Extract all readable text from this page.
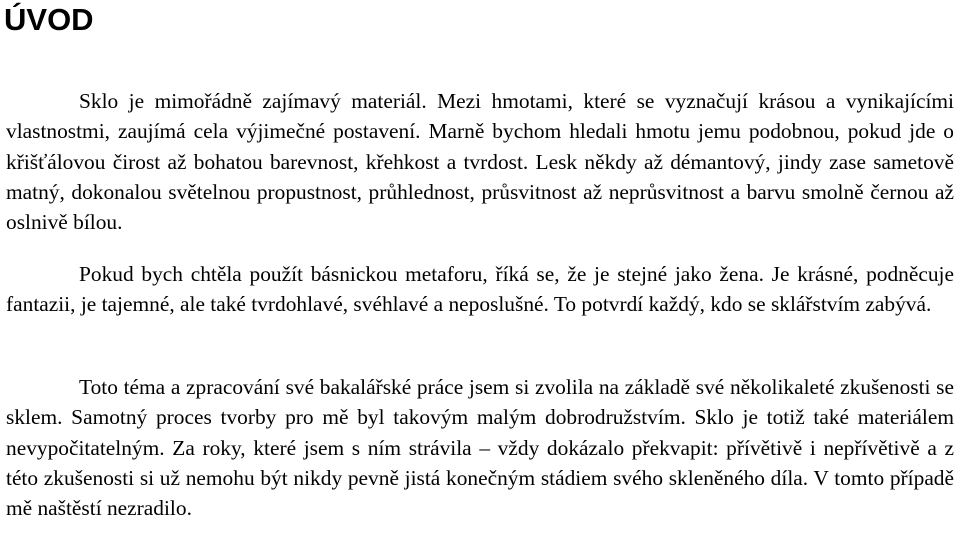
ÚVOD

Sklo je mimořádně zajímavý materiál. Mezi hmotami, které se vyznačují krásou a vynikajícími vlastnostmi, zaujímá cela výjimečné postavení. Marně bychom hledali hmotu jemu podobnou, pokud jde o křišťálovou čirost až bohatou barevnost, křehkost a tvrdost. Lesk někdy až démantový, jindy zase sametově matný, dokonalou světelnou propustnost, průhlednost, průsvitnost až neprůsvitnost a barvu smolně černou až oslnivě bílou.

Pokud bych chtěla použít básnickou metaforu, říká se, že je stejné jako žena. Je krásné, podněcuje fantazii, je tajemné, ale také tvrdohlavé, svéhlavé a neposlušné. To potvrdí každý, kdo se sklářstvím zabývá.

Toto téma a zpracování své bakalářské práce jsem si zvolila na základě své několikaleté zkušenosti se sklem. Samotný proces tvorby pro mě byl takovým malým dobrodružstvím. Sklo je totiž také materiálem nevypočitatelným. Za roky, které jsem s ním strávila – vždy dokázalo překvapit: přívětivě i nepřívětivě a z této zkušenosti si už nemohu být nikdy pevně jistá konečným stádiem svého skleněného díla. V tomto případě mě naštěstí nezradilo.
